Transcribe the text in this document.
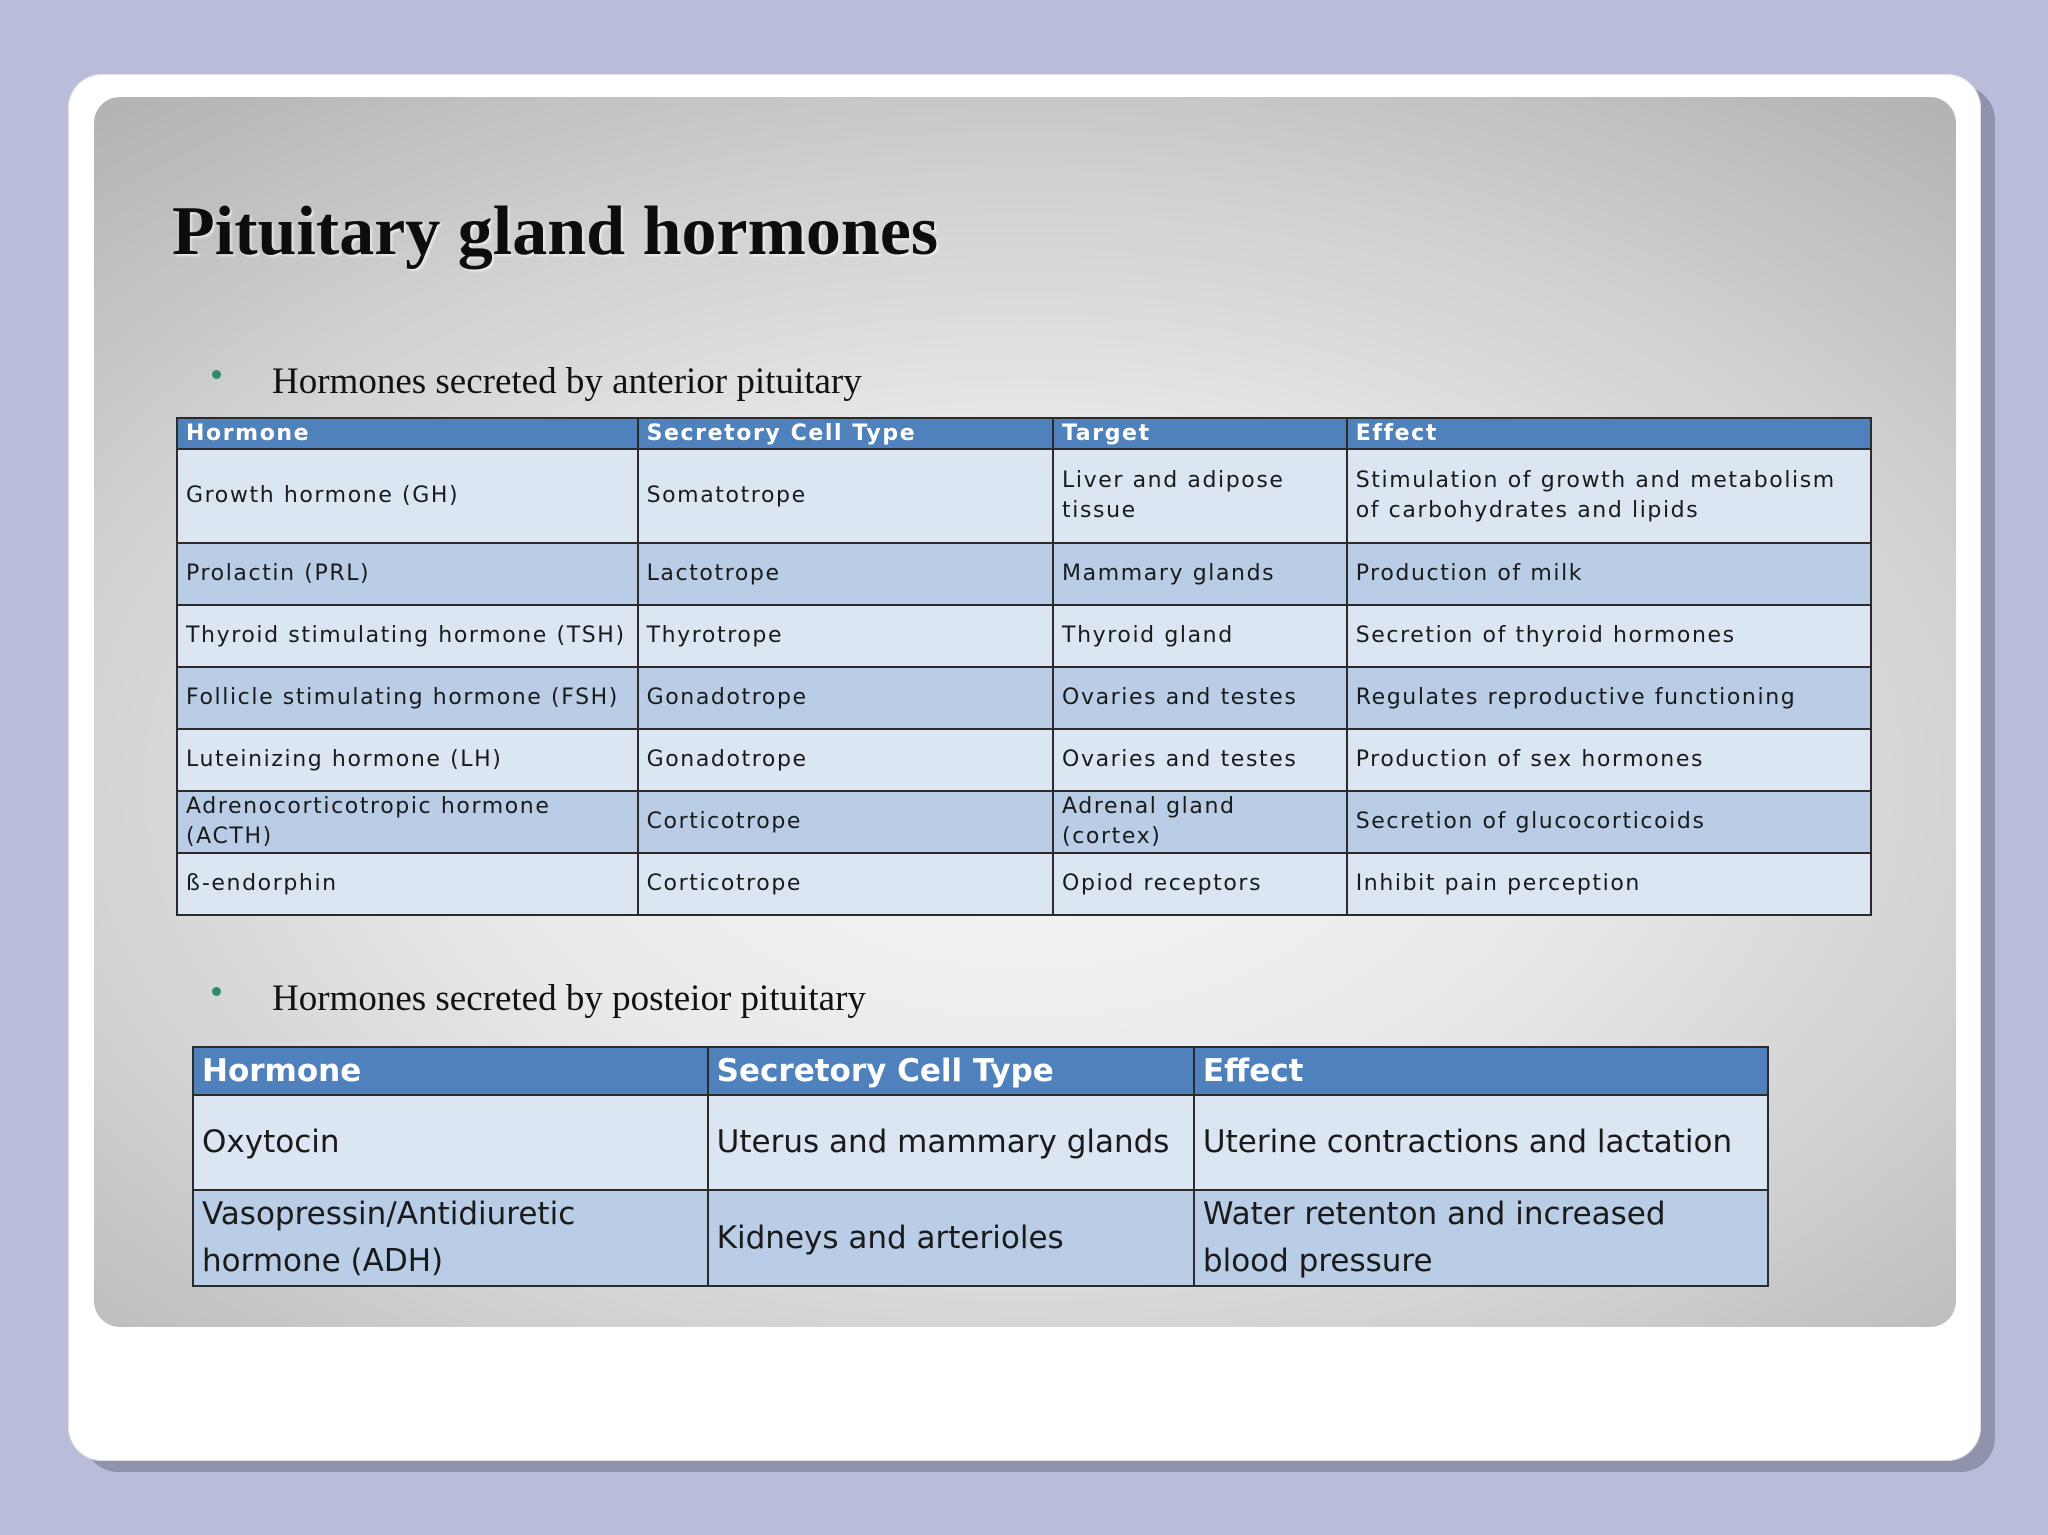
Pituitary gland hormones
Hormones secreted by anterior pituitary
Hormone	Secretory Cell Type	Target	Effect
Growth hormone (GH)	Somatotrope	Liver and adipose tissue	Stimulation of growth and metabolism of carbohydrates and lipids
Prolactin (PRL)	Lactotrope	Mammary glands	Production of milk
Thyroid stimulating hormone (TSH)	Thyrotrope	Thyroid gland	Secretion of thyroid hormones
Follicle stimulating hormone (FSH)	Gonadotrope	Ovaries and testes	Regulates reproductive functioning
Luteinizing hormone (LH)	Gonadotrope	Ovaries and testes	Production of sex hormones
Adrenocorticotropic hormone (ACTH)	Corticotrope	Adrenal gland (cortex)	Secretion of glucocorticoids
ß-endorphin	Corticotrope	Opiod receptors	Inhibit pain perception
Hormones secreted by posteior pituitary
Hormone	Secretory Cell Type	Effect
Oxytocin	Uterus and mammary glands	Uterine contractions and lactation
Vasopressin/Antidiuretic hormone (ADH)	Kidneys and arterioles	Water retenton and increased blood pressure
